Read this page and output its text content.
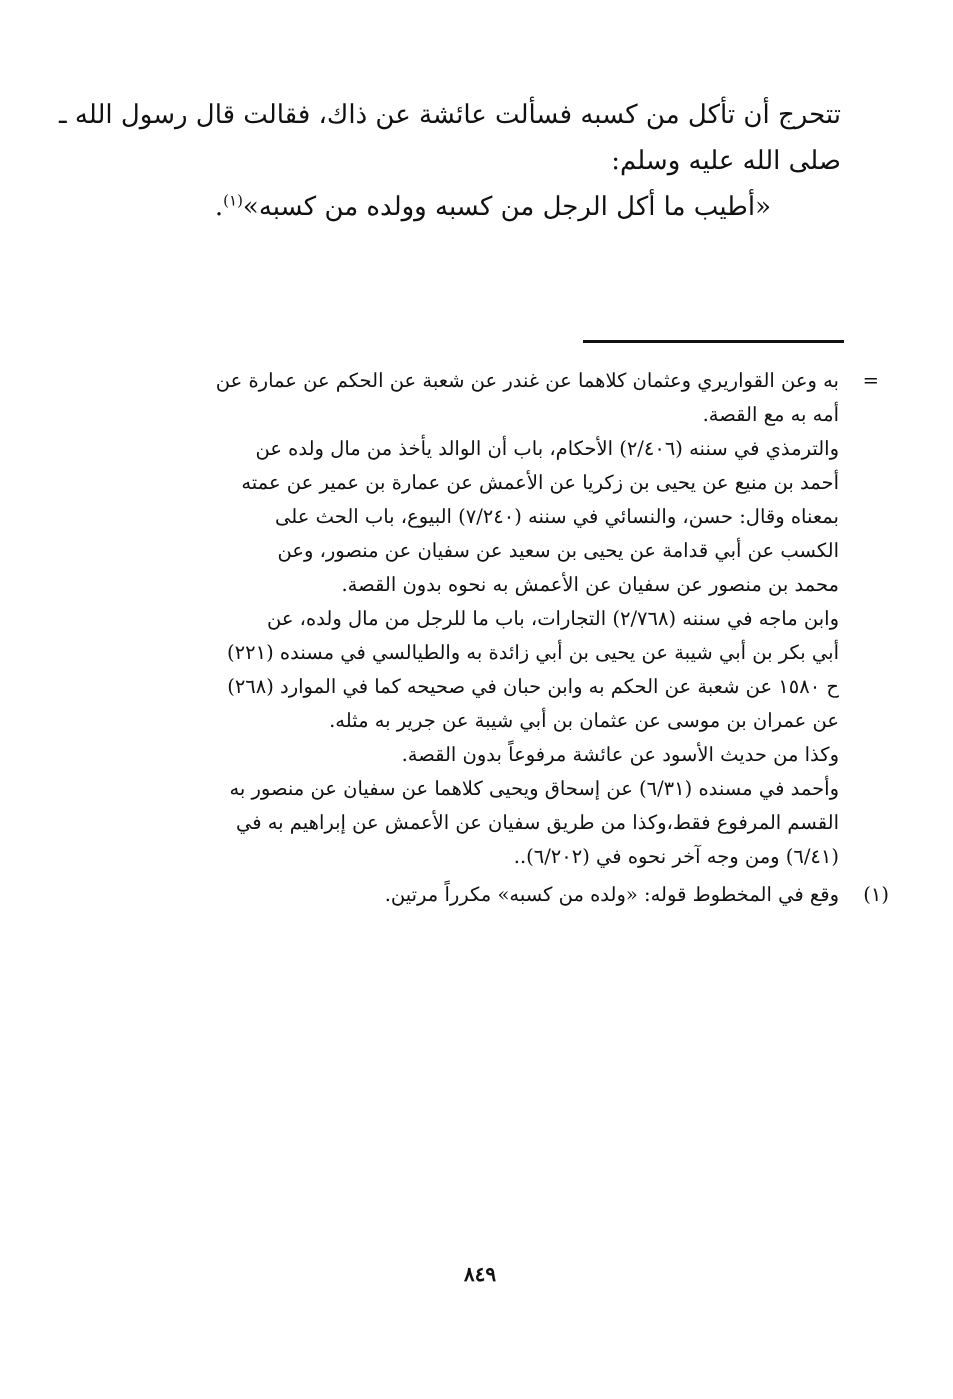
تتحرج أن تأكل من كسبه فسألت عائشة عن ذاك، فقالت قال رسول الله ـ
صلى الله عليه وسلم:
«أطيب ما أكل الرجل من كسبه وولده من كسبه»$^{(١)}$.
=
به وعن القواريري وعثمان كلاهما عن غندر عن شعبة عن الحكم عن عمارة عن
أمه به مع القصة.
والترمذي في سننه (٢/٤٠٦) الأحكام، باب أن الوالد يأخذ من مال ولده عن
أحمد بن منيع عن يحيى بن زكريا عن الأعمش عن عمارة بن عمير عن عمته
بمعناه وقال: حسن، والنسائي في سننه (٧/٢٤٠) البيوع، باب الحث على
الكسب عن أبي قدامة عن يحيى بن سعيد عن سفيان عن منصور، وعن
محمد بن منصور عن سفيان عن الأعمش به نحوه بدون القصة.
وابن ماجه في سننه (٢/٧٦٨) التجارات، باب ما للرجل من مال ولده، عن
أبي بكر بن أبي شيبة عن يحيى بن أبي زائدة به والطيالسي في مسنده (٢٢١)
ح ١٥٨٠ عن شعبة عن الحكم به وابن حبان في صحيحه كما في الموارد (٢٦٨)
عن عمران بن موسى عن عثمان بن أبي شيبة عن جرير به مثله.
وكذا من حديث الأسود عن عائشة مرفوعاً بدون القصة.
وأحمد في مسنده (٦/٣١) عن إسحاق ويحيى كلاهما عن سفيان عن منصور به
القسم المرفوع فقط،وكذا من طريق سفيان عن الأعمش عن إبراهيم به في
(٦/٤١) ومن وجه آخر نحوه في (٦/٢٠٢)..
(١)
وقع في المخطوط قوله: «ولده من كسبه» مكرراً مرتين.
٨٤٩
